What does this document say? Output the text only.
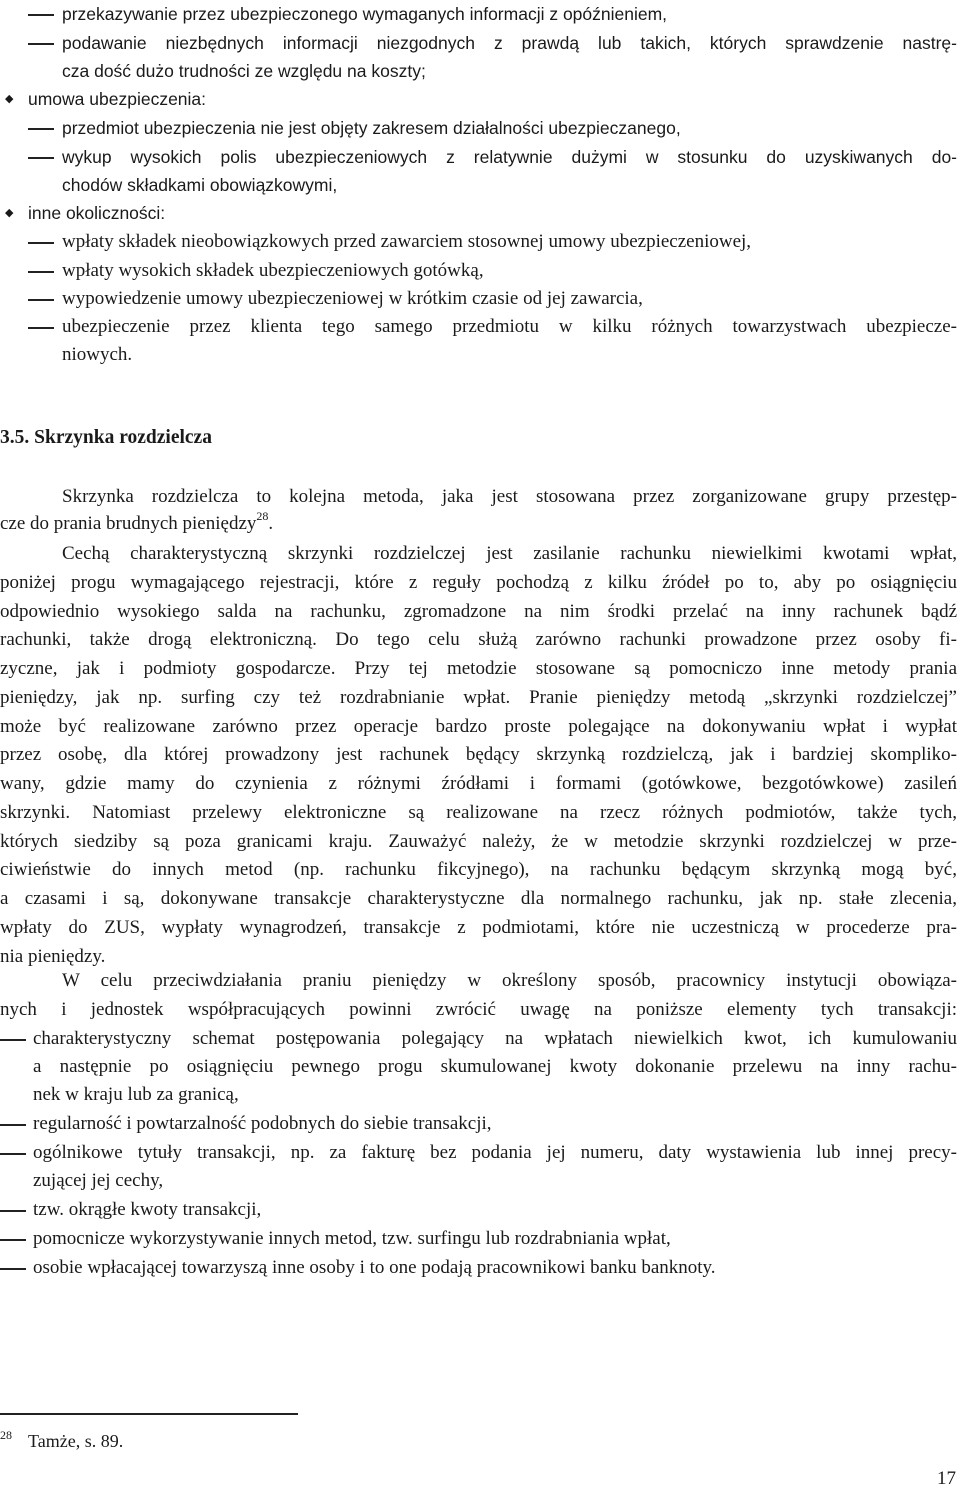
przekazywanie przez ubezpieczonego wymaganych informacji z opóźnieniem,
podawanie niezbędnych informacji niezgodnych z prawdą lub takich, których sprawdzenie nastrę-
cza dość dużo trudności ze względu na koszty;
◆ umowa ubezpieczenia:
przedmiot ubezpieczenia nie jest objęty zakresem działalności ubezpieczanego,
wykup wysokich polis ubezpieczeniowych z relatywnie dużymi w stosunku do uzyskiwanych do-
chodów składkami obowiązkowymi,
◆ inne okoliczności:
wpłaty składek nieobowiązkowych przed zawarciem stosownej umowy ubezpieczeniowej,
wpłaty wysokich składek ubezpieczeniowych gotówką,
wypowiedzenie umowy ubezpieczeniowej w krótkim czasie od jej zawarcia,
ubezpieczenie przez klienta tego samego przedmiotu w kilku różnych towarzystwach ubezpiecze-
niowych.
3.5. Skrzynka rozdzielcza
Skrzynka rozdzielcza to kolejna metoda, jaka jest stosowana przez zorganizowane grupy przestęp-
cze do prania brudnych pieniędzy$^{28}$.
Cechą charakterystyczną skrzynki rozdzielczej jest zasilanie rachunku niewielkimi kwotami wpłat,
poniżej progu wymagającego rejestracji, które z reguły pochodzą z kilku źródeł po to, aby po osiągnięciu
odpowiednio wysokiego salda na rachunku, zgromadzone na nim środki przelać na inny rachunek bądź
rachunki, także drogą elektroniczną. Do tego celu służą zarówno rachunki prowadzone przez osoby fi-
zyczne, jak i podmioty gospodarcze. Przy tej metodzie stosowane są pomocniczo inne metody prania
pieniędzy, jak np. surfing czy też rozdrabnianie wpłat. Pranie pieniędzy metodą „skrzynki rozdzielczej”
może być realizowane zarówno przez operacje bardzo proste polegające na dokonywaniu wpłat i wypłat
przez osobę, dla której prowadzony jest rachunek będący skrzynką rozdzielczą, jak i bardziej skompliko-
wany, gdzie mamy do czynienia z różnymi źródłami i formami (gotówkowe, bezgotówkowe) zasileń
skrzynki. Natomiast przelewy elektroniczne są realizowane na rzecz różnych podmiotów, także tych,
których siedziby są poza granicami kraju. Zauważyć należy, że w metodzie skrzynki rozdzielczej w prze-
ciwieństwie do innych metod (np. rachunku fikcyjnego), na rachunku będącym skrzynką mogą być,
a czasami i są, dokonywane transakcje charakterystyczne dla normalnego rachunku, jak np. stałe zlecenia,
wpłaty do ZUS, wypłaty wynagrodzeń, transakcje z podmiotami, które nie uczestniczą w procederze pra-
nia pieniędzy.
W celu przeciwdziałania praniu pieniędzy w określony sposób, pracownicy instytucji obowiąza-
nych i jednostek współpracujących powinni zwrócić uwagę na poniższe elementy tych transakcji:
charakterystyczny schemat postępowania polegający na wpłatach niewielkich kwot, ich kumulowaniu
a następnie po osiągnięciu pewnego progu skumulowanej kwoty dokonanie przelewu na inny rachu-
nek w kraju lub za granicą,
regularność i powtarzalność podobnych do siebie transakcji,
ogólnikowe tytuły transakcji, np. za fakturę bez podania jej numeru, daty wystawienia lub innej precy-
zującej jej cechy,
tzw. okrągłe kwoty transakcji,
pomocnicze wykorzystywanie innych metod, tzw. surfingu lub rozdrabniania wpłat,
osobie wpłacającej towarzyszą inne osoby i to one podają pracownikowi banku banknoty.
$^{28}$ Tamże, s. 89.
17
